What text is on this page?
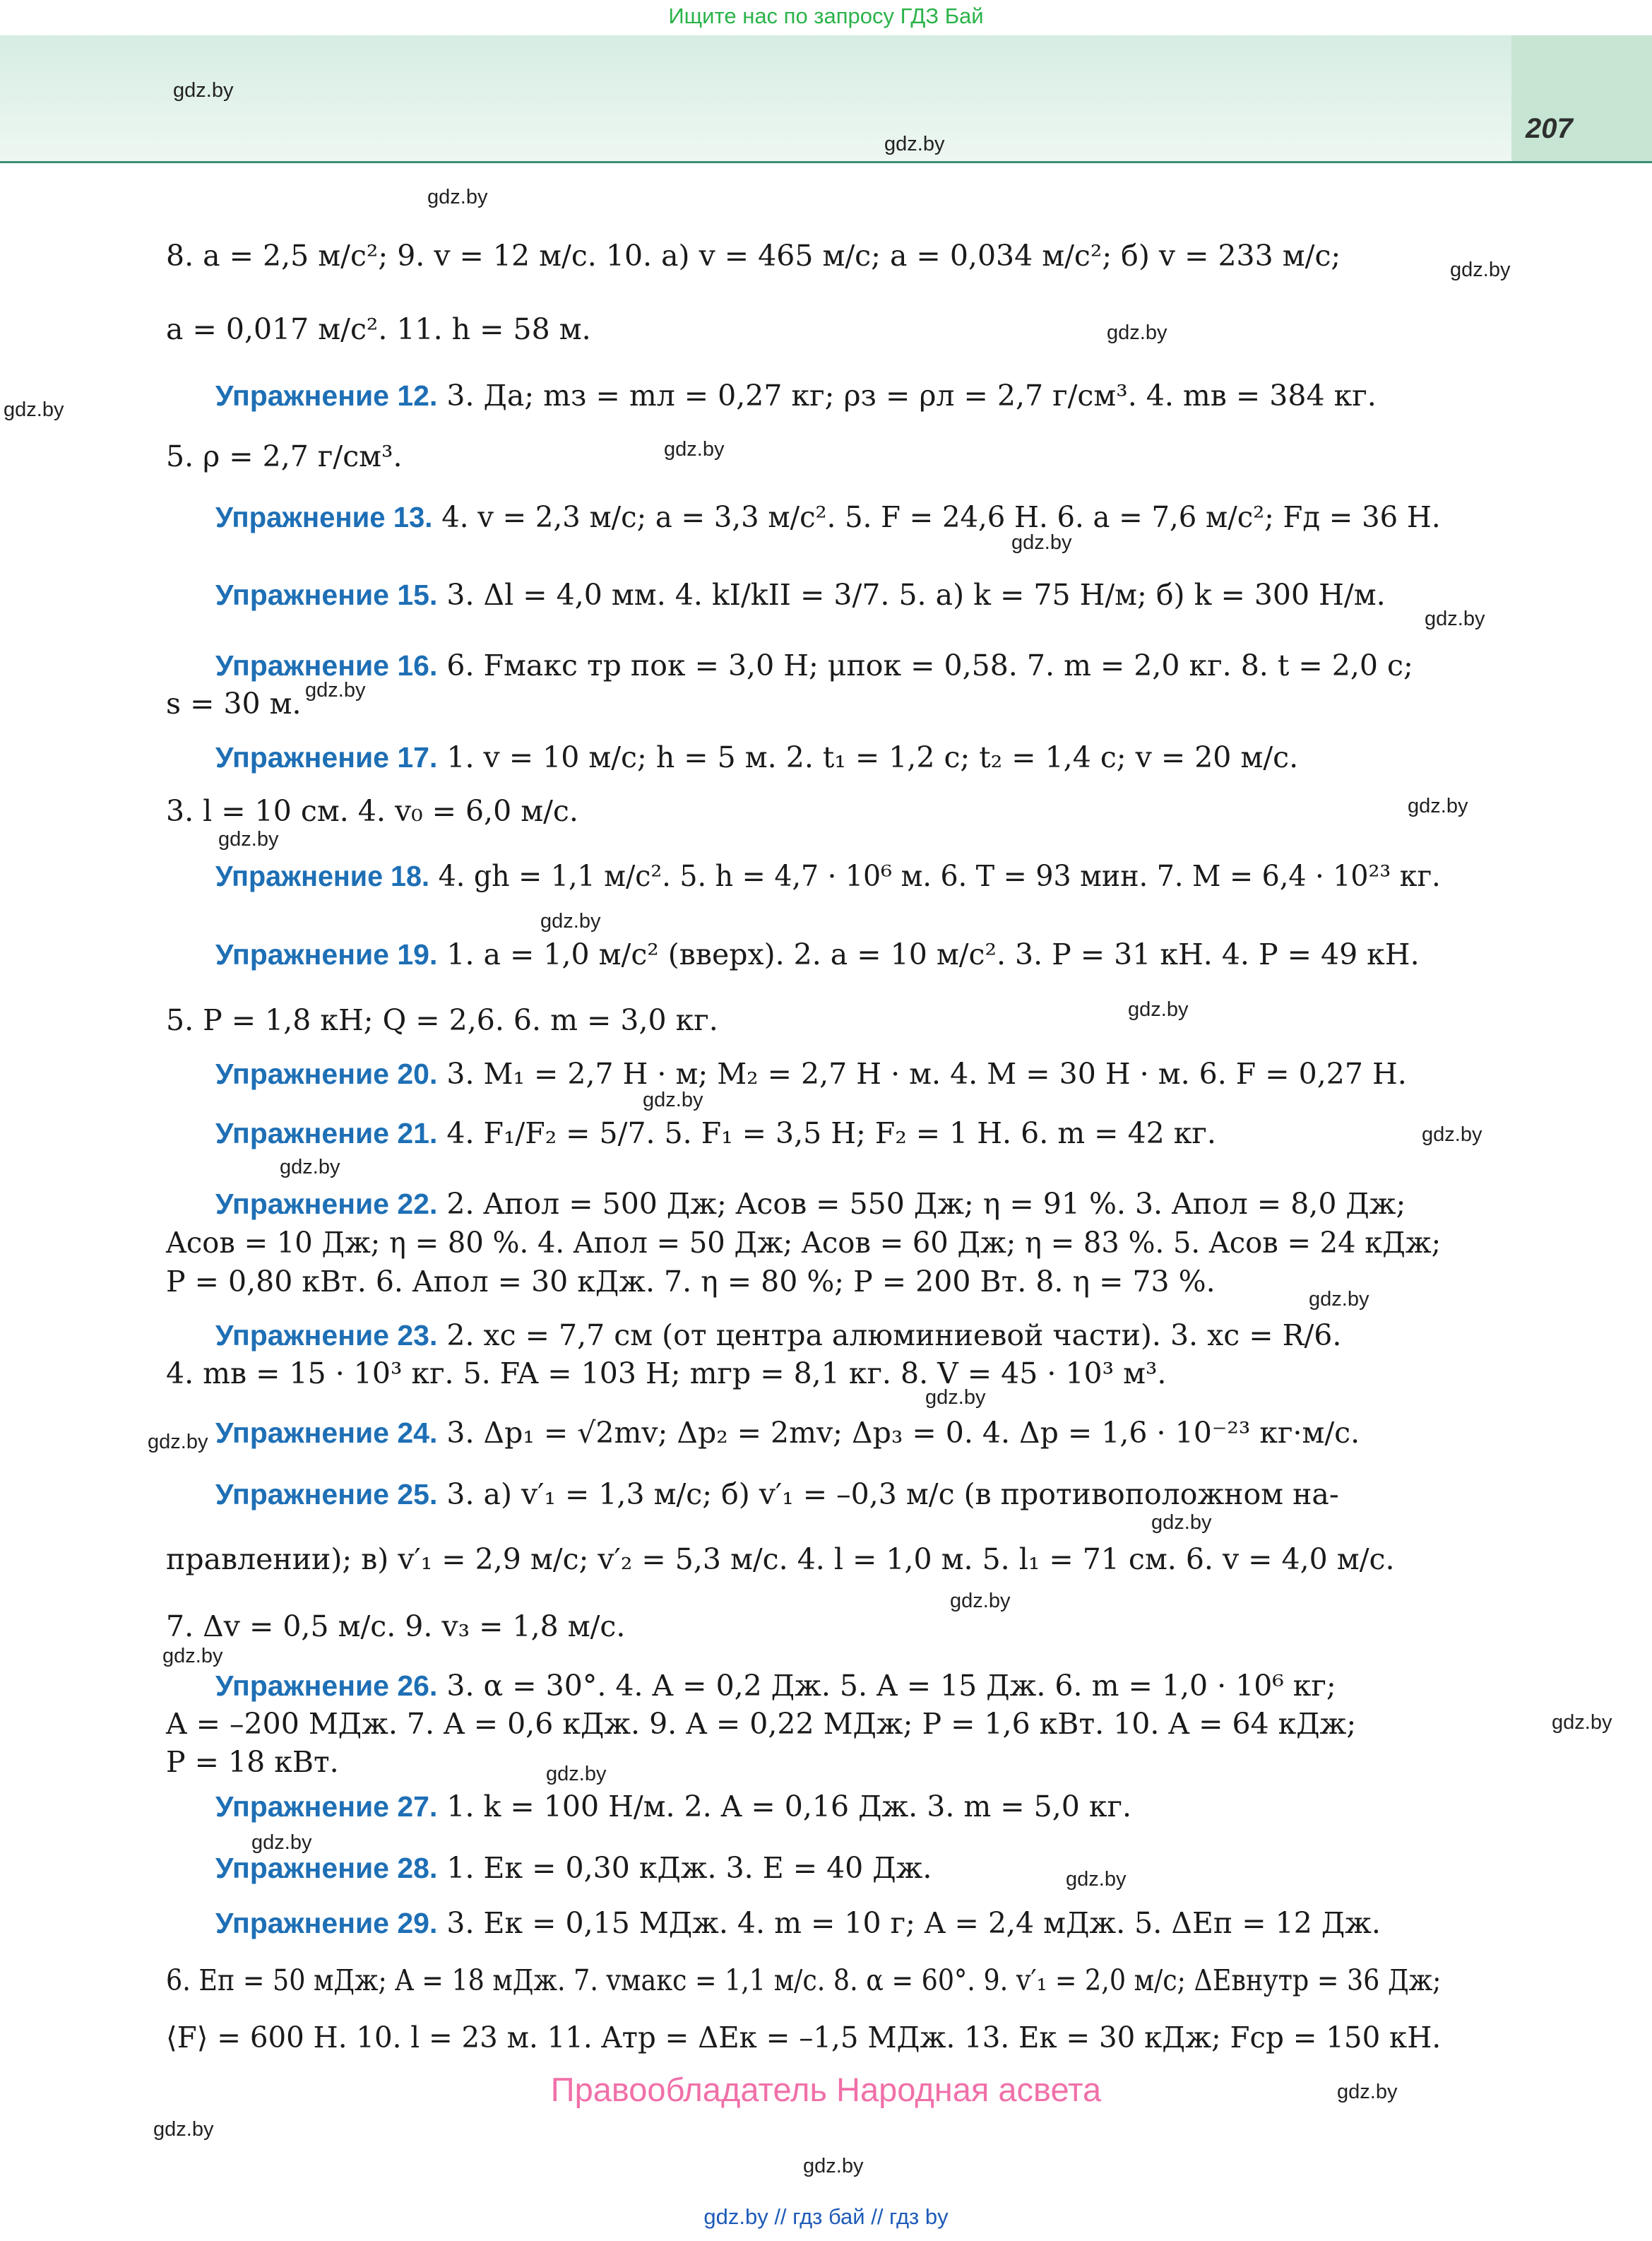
Ищите нас по запросу ГДЗ Бай
207
gdz.by
gdz.by
gdz.by
gdz.by
gdz.by
gdz.by
gdz.by
gdz.by
gdz.by
gdz.by
gdz.by
gdz.by
gdz.by
gdz.by
gdz.by
gdz.by
gdz.by
gdz.by
gdz.by
gdz.by
gdz.by
gdz.by
gdz.by
gdz.by
gdz.by
gdz.by
gdz.by
gdz.by
gdz.by
gdz.by
8. a = 2,5 м/с²; 9. v = 12 м/с. 10. а) v = 465 м/с; a = 0,034 м/с²; б) v = 233 м/с;
a = 0,017 м/с². 11. h = 58 м.
Упражнение 12. 3. Да; mз = mл = 0,27 кг; ρз = ρл = 2,7 г/см³. 4. mв = 384 кг.
5. ρ = 2,7 г/см³.
Упражнение 13. 4. v = 2,3 м/с; a = 3,3 м/с². 5. F = 24,6 Н. 6. a = 7,6 м/с²; Fд = 36 Н.
Упражнение 15. 3. Δl = 4,0 мм. 4. kI/kII = 3/7. 5. а) k = 75 Н/м; б) k = 300 Н/м.
Упражнение 16. 6. Fмакс тр пок = 3,0 Н; μпок = 0,58. 7. m = 2,0 кг. 8. t = 2,0 с;
s = 30 м.
Упражнение 17. 1. v = 10 м/с; h = 5 м. 2. t₁ = 1,2 с; t₂ = 1,4 с; v = 20 м/с.
3. l = 10 см. 4. v₀ = 6,0 м/с.
Упражнение 18. 4. gh = 1,1 м/с². 5. h = 4,7 · 10⁶ м. 6. T = 93 мин. 7. M = 6,4 · 10²³ кг.
Упражнение 19. 1. a = 1,0 м/с² (вверх). 2. a = 10 м/с². 3. P = 31 кН. 4. P = 49 кН.
5. P = 1,8 кН; Q = 2,6. 6. m = 3,0 кг.
Упражнение 20. 3. M₁ = 2,7 Н · м; M₂ = 2,7 Н · м. 4. M = 30 Н · м. 6. F = 0,27 Н.
Упражнение 21. 4. F₁/F₂ = 5/7. 5. F₁ = 3,5 Н; F₂ = 1 Н. 6. m = 42 кг.
Упражнение 22. 2. Aпол = 500 Дж; Aсов = 550 Дж; η = 91 %. 3. Aпол = 8,0 Дж;
Aсов = 10 Дж; η = 80 %. 4. Aпол = 50 Дж; Aсов = 60 Дж; η = 83 %. 5. Aсов = 24 кДж;
P = 0,80 кВт. 6. Aпол = 30 кДж. 7. η = 80 %; P = 200 Вт. 8. η = 73 %.
Упражнение 23. 2. xc = 7,7 см (от центра алюминиевой части). 3. xc = R/6.
4. mв = 15 · 10³ кг. 5. FA = 103 Н; mгр = 8,1 кг. 8. V = 45 · 10³ м³.
Упражнение 24. 3. Δp₁ = √2mv; Δp₂ = 2mv; Δp₃ = 0. 4. Δp = 1,6 · 10⁻²³ кг·м/с.
Упражнение 25. 3. а) v′₁ = 1,3 м/с; б) v′₁ = –0,3 м/с (в противоположном на-
правлении); в) v′₁ = 2,9 м/с; v′₂ = 5,3 м/с. 4. l = 1,0 м. 5. l₁ = 71 см. 6. v = 4,0 м/с.
7. Δv = 0,5 м/с. 9. v₃ = 1,8 м/с.
Упражнение 26. 3. α = 30°. 4. A = 0,2 Дж. 5. A = 15 Дж. 6. m = 1,0 · 10⁶ кг;
A = –200 МДж. 7. A = 0,6 кДж. 9. A = 0,22 МДж; P = 1,6 кВт. 10. A = 64 кДж;
P = 18 кВт.
Упражнение 27. 1. k = 100 Н/м. 2. A = 0,16 Дж. 3. m = 5,0 кг.
Упражнение 28. 1. Eк = 0,30 кДж. 3. E = 40 Дж.
Упражнение 29. 3. Eк = 0,15 МДж. 4. m = 10 г; A = 2,4 мДж. 5. ΔEп = 12 Дж.
6. Eп = 50 мДж; A = 18 мДж. 7. vмакс = 1,1 м/с. 8. α = 60°. 9. v′₁ = 2,0 м/с; ΔEвнутр = 36 Дж;
⟨F⟩ = 600 Н. 10. l = 23 м. 11. Aтр = ΔEк = –1,5 МДж. 13. Eк = 30 кДж; Fср = 150 кН.
Правообладатель Народная асвета
gdz.by // гдз бай // гдз by
